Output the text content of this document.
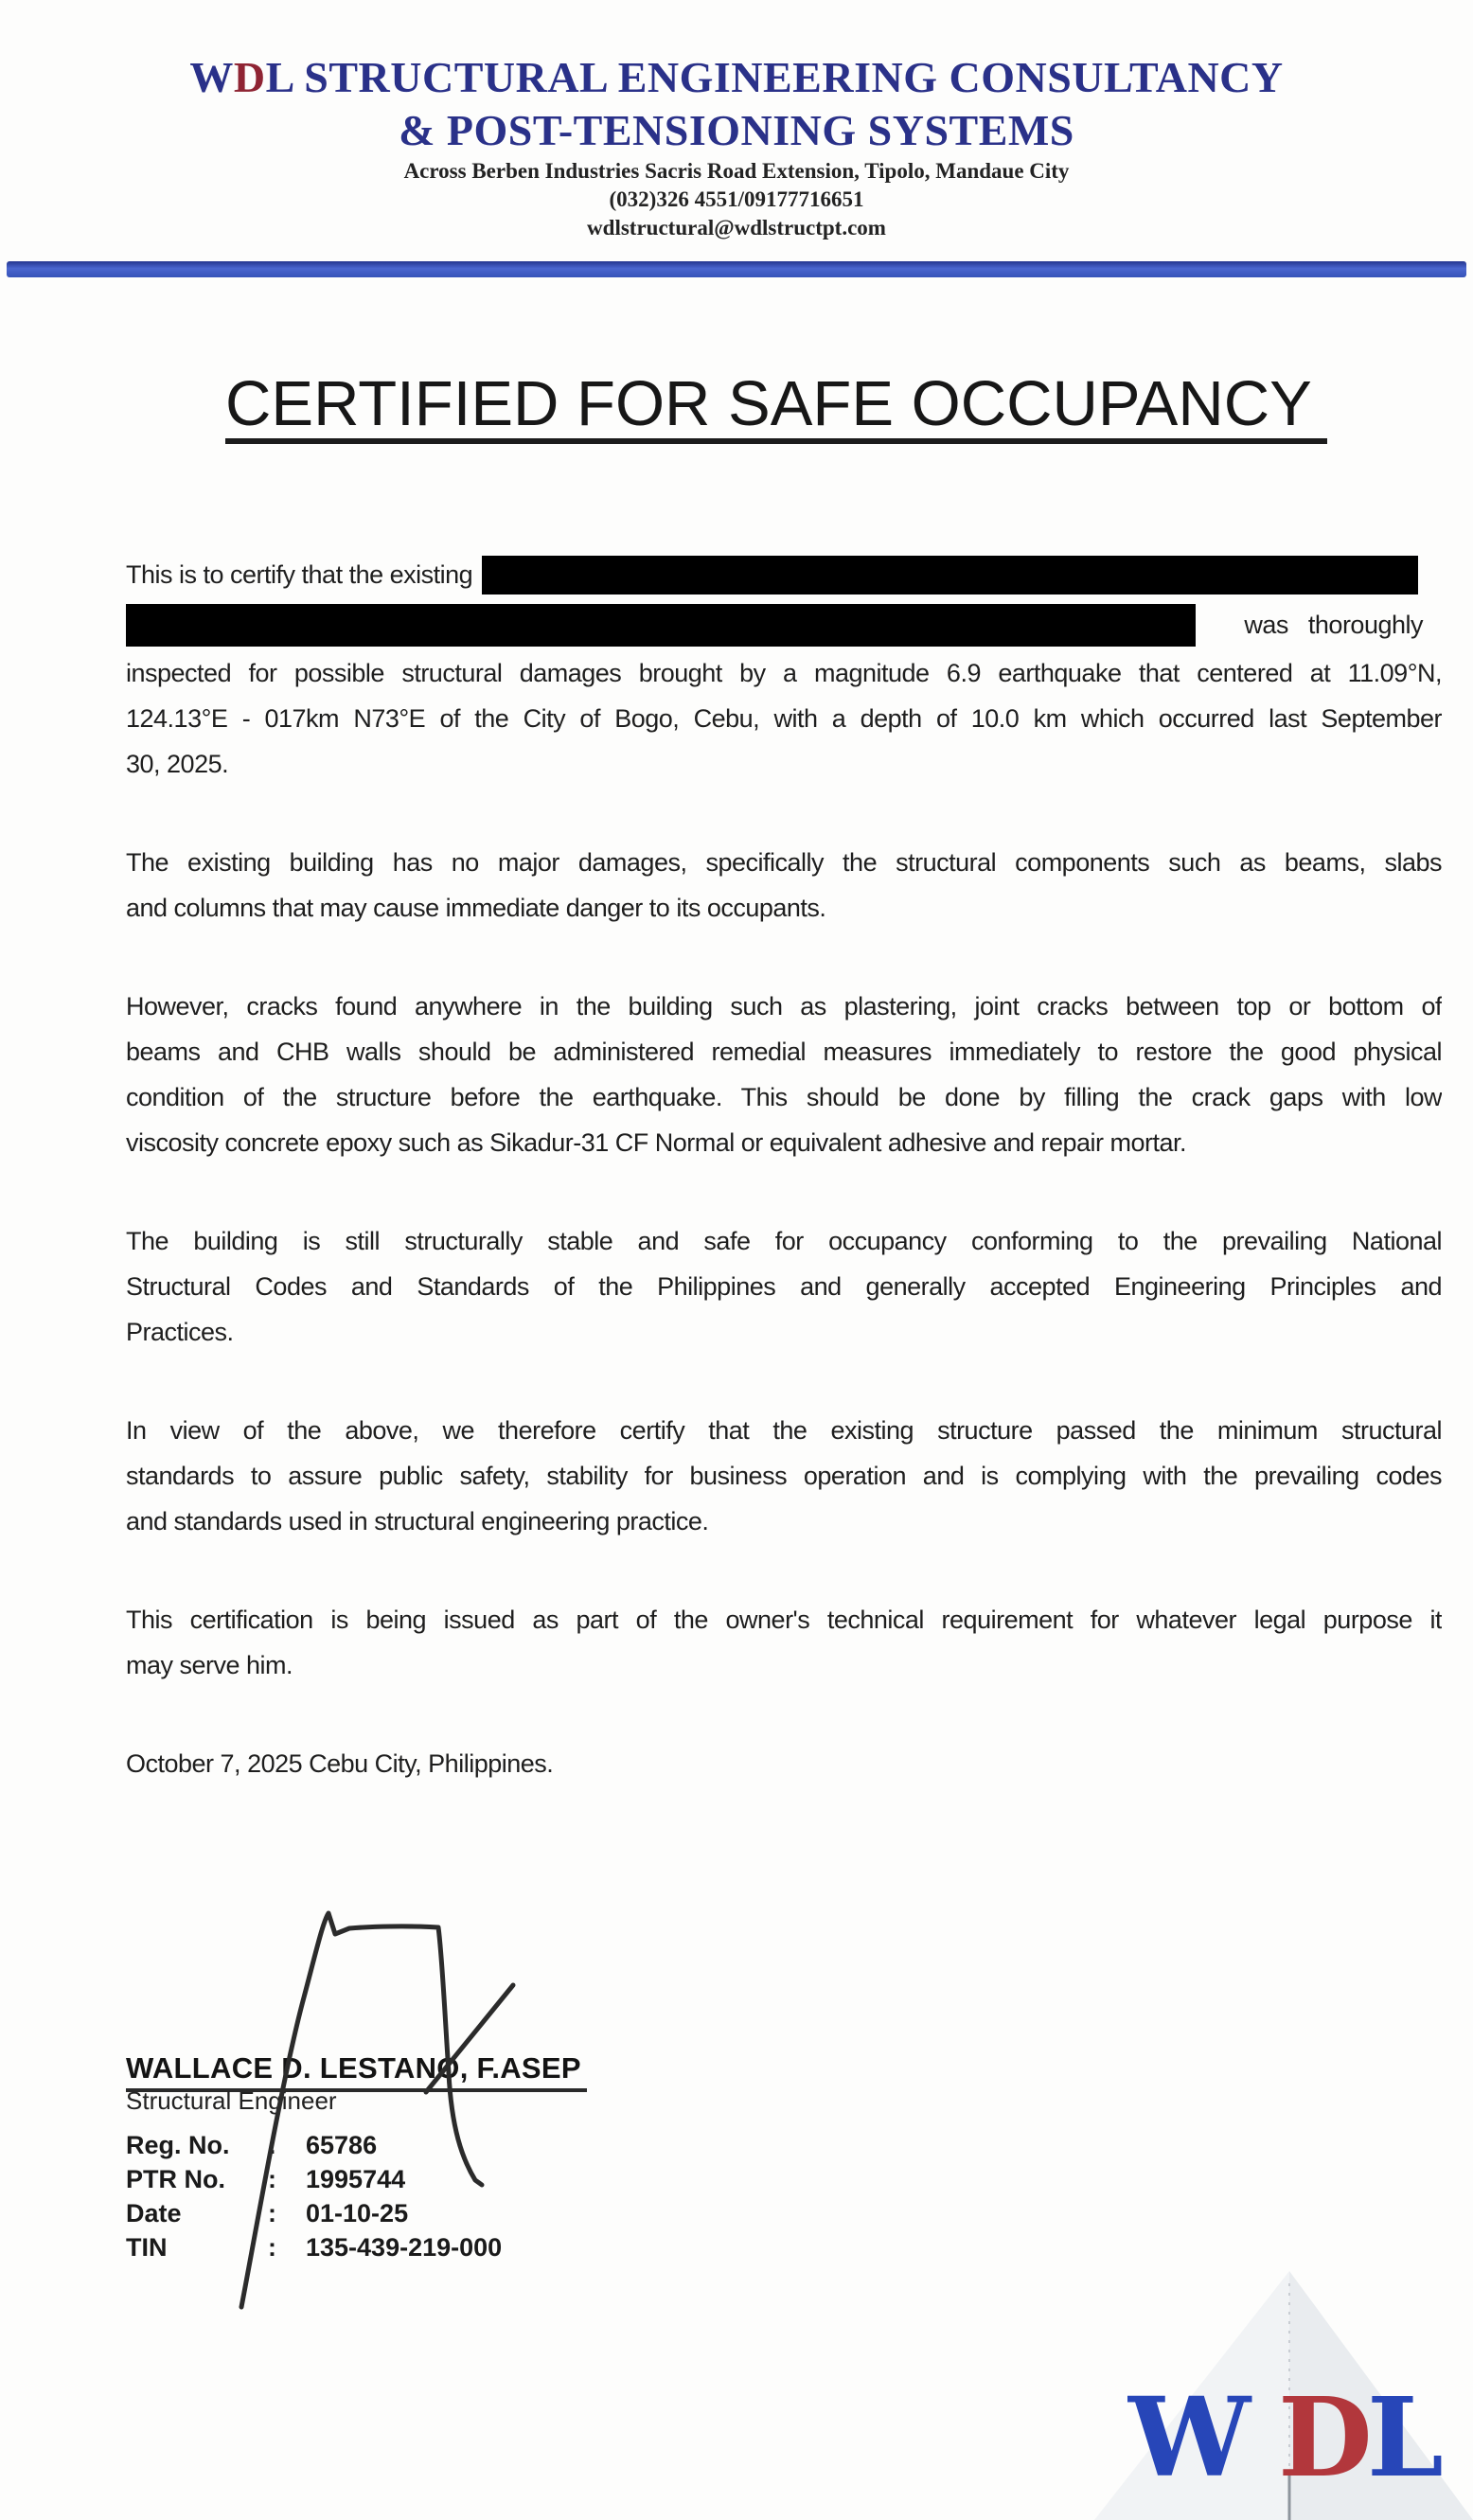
WDL STRUCTURAL ENGINEERING CONSULTANCY
& POST-TENSIONING SYSTEMS
Across Berben Industries Sacris Road Extension, Tipolo, Mandaue City
(032)326 4551/09177716651
wdlstructural@wdlstructpt.com
CERTIFIED FOR SAFE OCCUPANCY
This is to certify that the existing
was thoroughly
inspected for possible structural damages brought by a magnitude 6.9 earthquake that centered at 11.09°N,
124.13°E - 017km N73°E of the City of Bogo, Cebu, with a depth of 10.0 km which occurred last September
30, 2025.
The existing building has no major damages, specifically the structural components such as beams, slabs
and columns that may cause immediate danger to its occupants.
However, cracks found anywhere in the building such as plastering, joint cracks between top or bottom of
beams and CHB walls should be administered remedial measures immediately to restore the good physical
condition of the structure before the earthquake. This should be done by filling the crack gaps with low
viscosity concrete epoxy such as Sikadur-31 CF Normal or equivalent adhesive and repair mortar.
The building is still structurally stable and safe for occupancy conforming to the prevailing National
Structural Codes and Standards of the Philippines and generally accepted Engineering Principles and
Practices.
In view of the above, we therefore certify that the existing structure passed the minimum structural
standards to assure public safety, stability for business operation and is complying with the prevailing codes
and standards used in structural engineering practice.
This certification is being issued as part of the owner's technical requirement for whatever legal purpose it
may serve him.
October 7, 2025 Cebu City, Philippines.
WALLACE D. LESTANO, F.ASEP
Structural Engineer
Reg. No.	:	65786
PTR No.	:	1995744
Date	:	01-10-25
TIN	:	135-439-219-000
W D
L
